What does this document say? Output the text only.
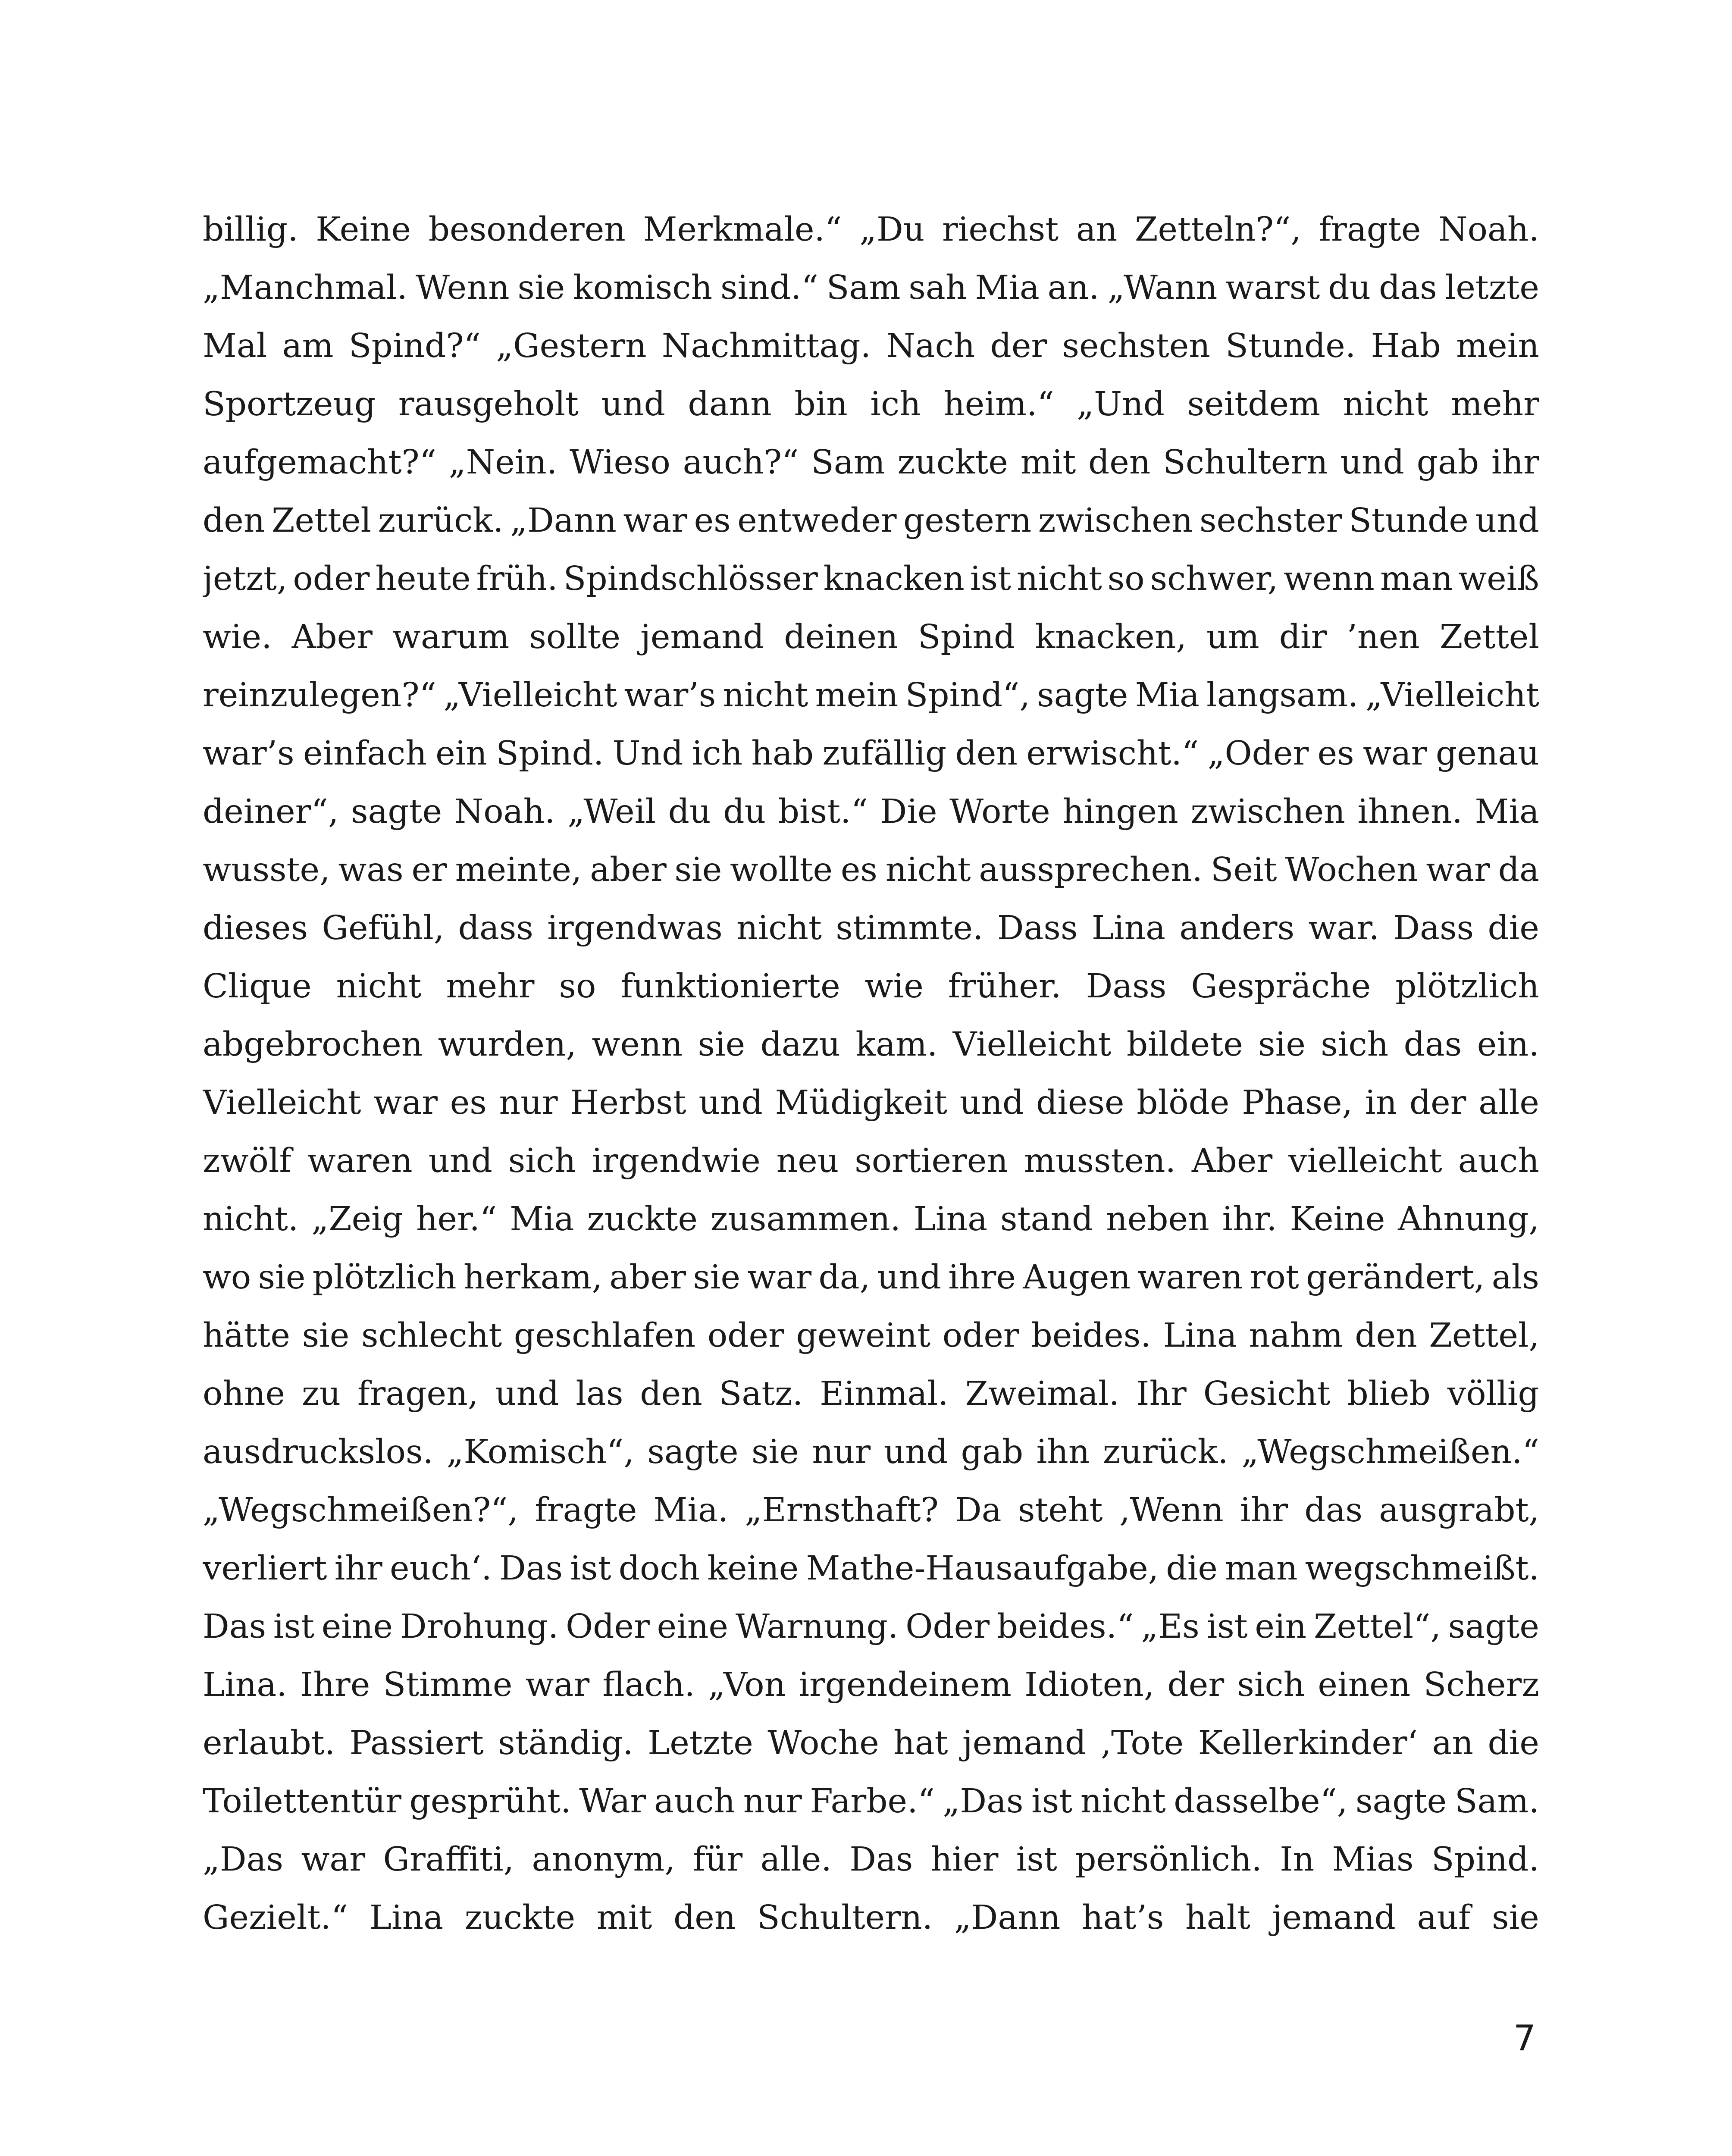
billig. Keine besonderen Merkmale.“ „Du riechst an Zetteln?“, fragte Noah.
„Manchmal. Wenn sie komisch sind.“ Sam sah Mia an. „Wann warst du das letzte
Mal am Spind?“ „Gestern Nachmittag. Nach der sechsten Stunde. Hab mein
Sportzeug rausgeholt und dann bin ich heim.“ „Und seitdem nicht mehr
aufgemacht?“ „Nein. Wieso auch?“ Sam zuckte mit den Schultern und gab ihr
den Zettel zurück. „Dann war es entweder gestern zwischen sechster Stunde und
jetzt, oder heute früh. Spindschlösser knacken ist nicht so schwer, wenn man weiß
wie. Aber warum sollte jemand deinen Spind knacken, um dir ’nen Zettel
reinzulegen?“ „Vielleicht war’s nicht mein Spind“, sagte Mia langsam. „Vielleicht
war’s einfach ein Spind. Und ich hab zufällig den erwischt.“ „Oder es war genau
deiner“, sagte Noah. „Weil du du bist.“ Die Worte hingen zwischen ihnen. Mia
wusste, was er meinte, aber sie wollte es nicht aussprechen. Seit Wochen war da
dieses Gefühl, dass irgendwas nicht stimmte. Dass Lina anders war. Dass die
Clique nicht mehr so funktionierte wie früher. Dass Gespräche plötzlich
abgebrochen wurden, wenn sie dazu kam. Vielleicht bildete sie sich das ein.
Vielleicht war es nur Herbst und Müdigkeit und diese blöde Phase, in der alle
zwölf waren und sich irgendwie neu sortieren mussten. Aber vielleicht auch
nicht. „Zeig her.“ Mia zuckte zusammen. Lina stand neben ihr. Keine Ahnung,
wo sie plötzlich herkam, aber sie war da, und ihre Augen waren rot gerändert, als
hätte sie schlecht geschlafen oder geweint oder beides. Lina nahm den Zettel,
ohne zu fragen, und las den Satz. Einmal. Zweimal. Ihr Gesicht blieb völlig
ausdruckslos. „Komisch“, sagte sie nur und gab ihn zurück. „Wegschmeißen.“
„Wegschmeißen?“, fragte Mia. „Ernsthaft? Da steht ‚Wenn ihr das ausgrabt,
verliert ihr euch‘. Das ist doch keine Mathe-Hausaufgabe, die man wegschmeißt.
Das ist eine Drohung. Oder eine Warnung. Oder beides.“ „Es ist ein Zettel“, sagte
Lina. Ihre Stimme war flach. „Von irgendeinem Idioten, der sich einen Scherz
erlaubt. Passiert ständig. Letzte Woche hat jemand ‚Tote Kellerkinder‘ an die
Toilettentür gesprüht. War auch nur Farbe.“ „Das ist nicht dasselbe“, sagte Sam.
„Das war Graffiti, anonym, für alle. Das hier ist persönlich. In Mias Spind.
Gezielt.“ Lina zuckte mit den Schultern. „Dann hat’s halt jemand auf sie
7
